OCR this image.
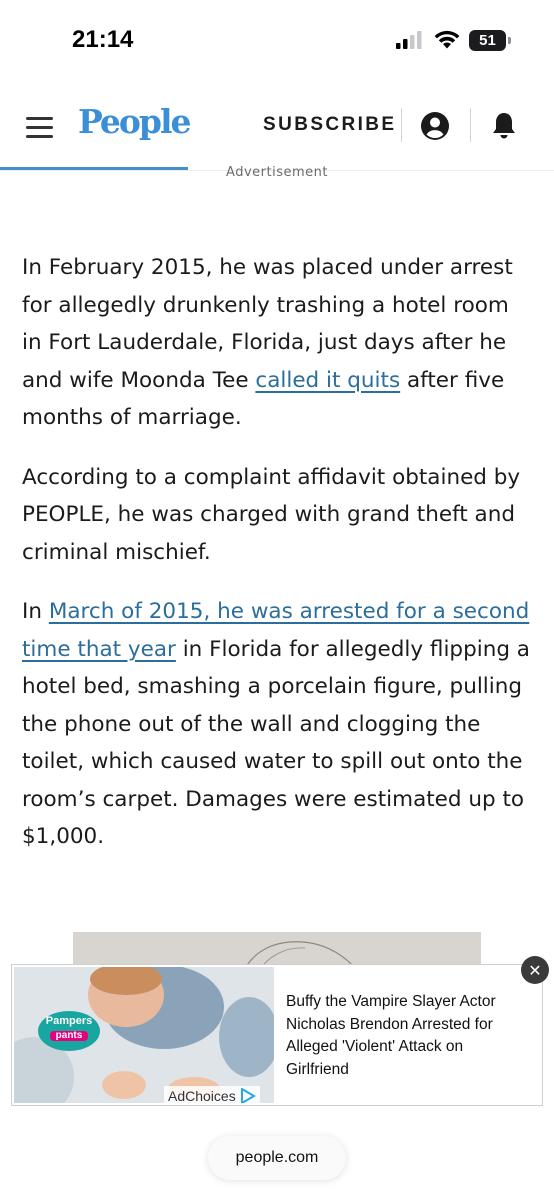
21:14	51
People	SUBSCRIBE
Advertisement

In February 2015, he was placed under arrest for allegedly drunkenly trashing a hotel room in Fort Lauderdale, Florida, just days after he and wife Moonda Tee called it quits after five months of marriage.

According to a complaint affidavit obtained by PEOPLE, he was charged with grand theft and criminal mischief.

In March of 2015, he was arrested for a second time that year in Florida for allegedly flipping a hotel bed, smashing a porcelain figure, pulling the phone out of the wall and clogging the toilet, which caused water to spill out onto the room’s carpet. Damages were estimated up to $1,000.

✕
Pampers
pants
AdChoices
Buffy the Vampire Slayer Actor Nicholas Brendon Arrested for Alleged 'Violent' Attack on Girlfriend
people.com
